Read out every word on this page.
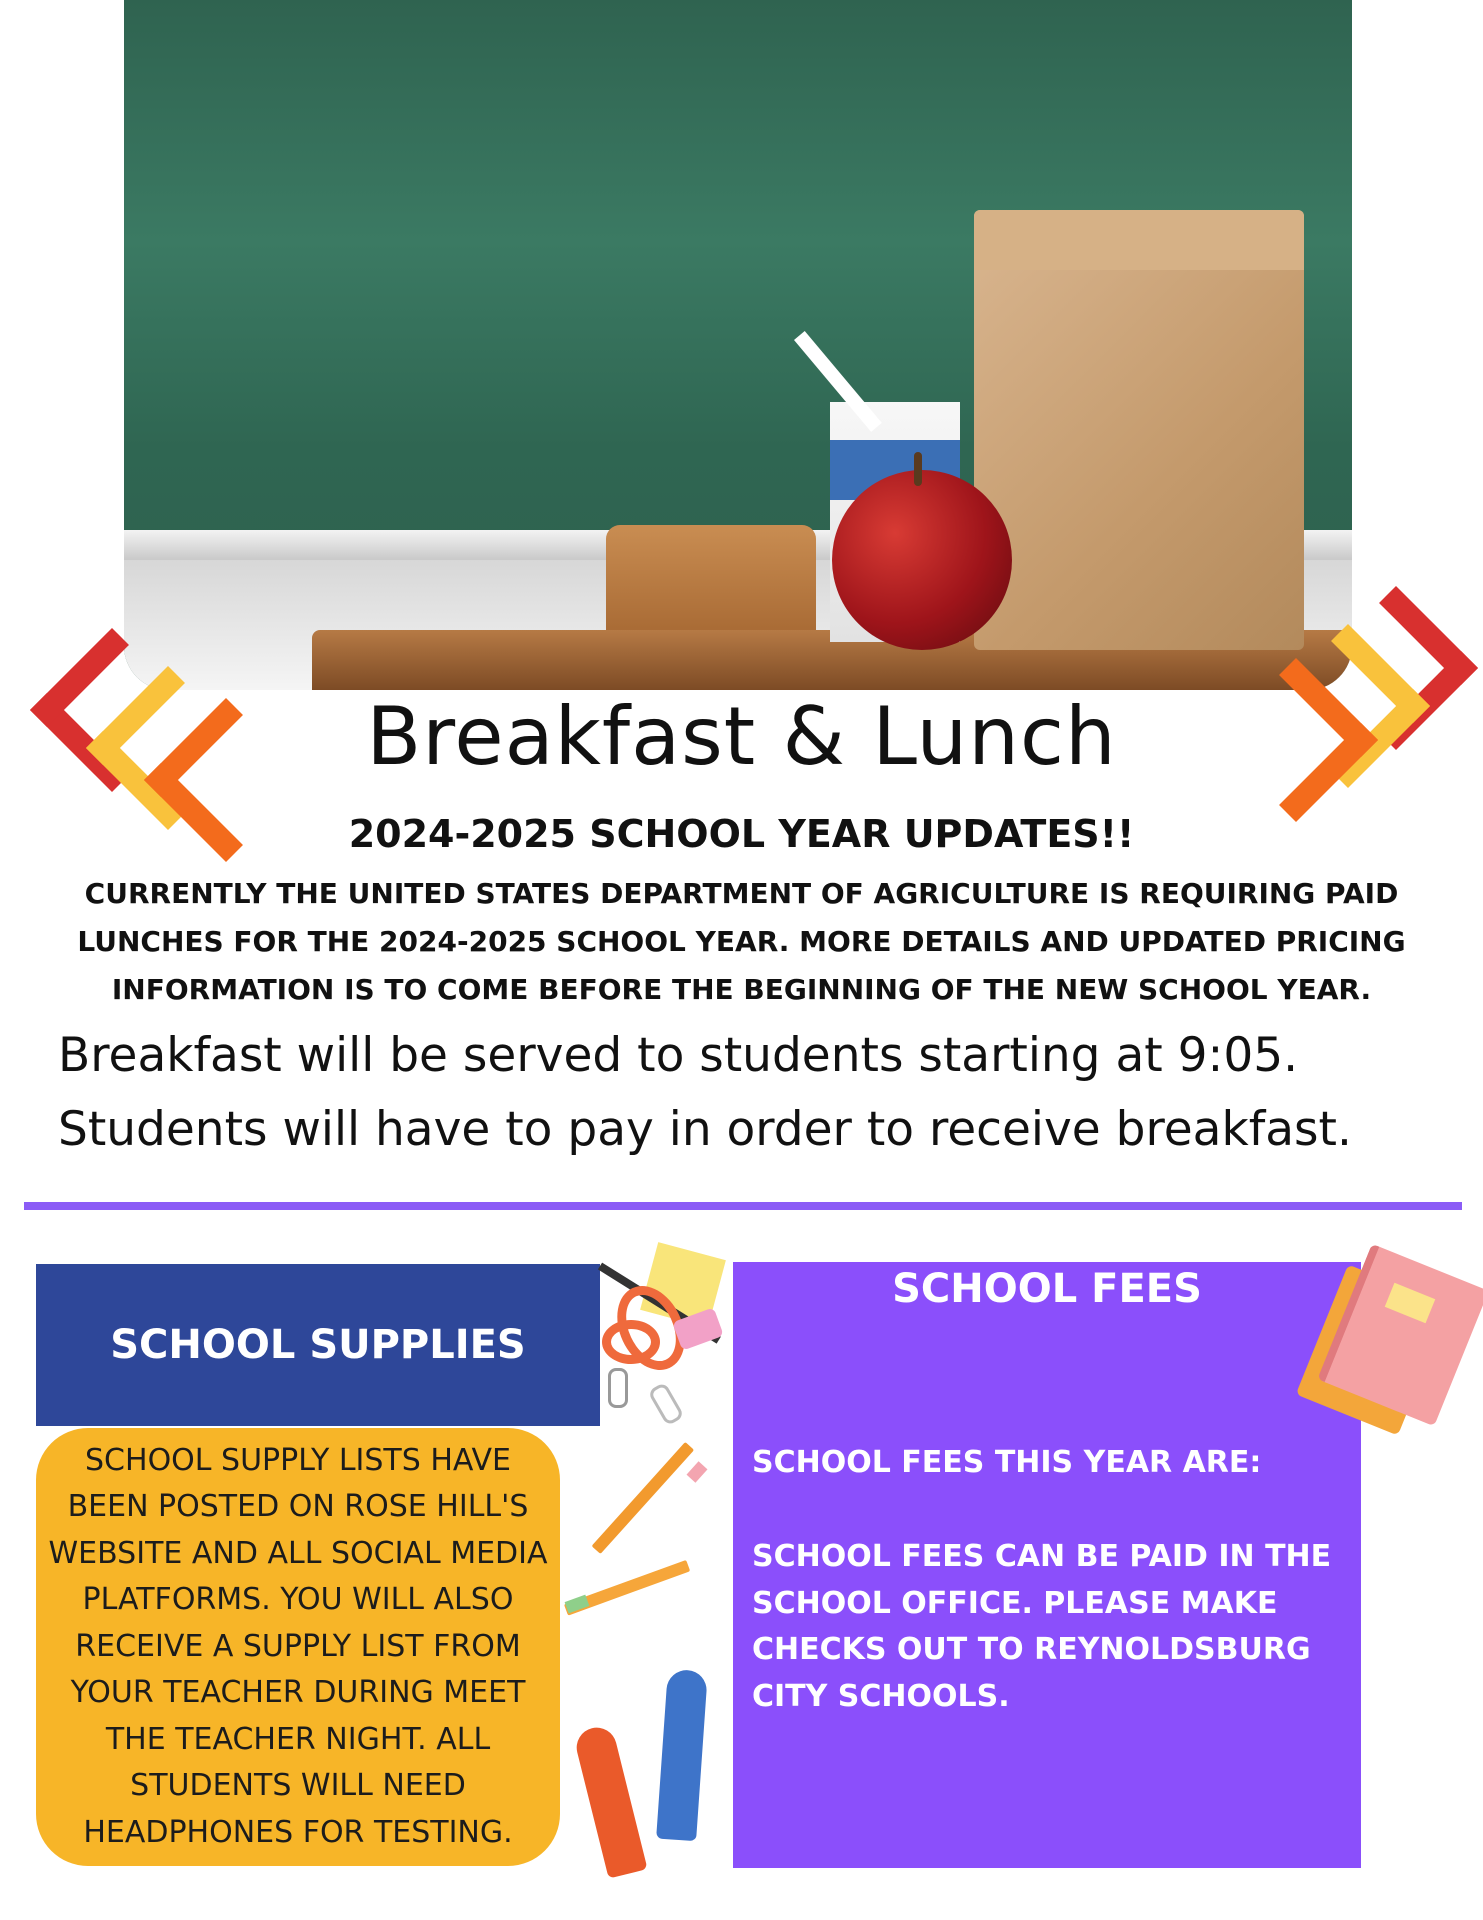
Breakfast & Lunch
2024-2025 SCHOOL YEAR UPDATES!!
CURRENTLY THE UNITED STATES DEPARTMENT OF AGRICULTURE IS REQUIRING PAID
LUNCHES FOR THE 2024-2025 SCHOOL YEAR. MORE DETAILS AND UPDATED PRICING
INFORMATION IS TO COME BEFORE THE BEGINNING OF THE NEW SCHOOL YEAR.
Breakfast will be served to students starting at 9:05.
Students will have to pay in order to receive breakfast.
SCHOOL SUPPLIES
SCHOOL SUPPLY LISTS HAVE BEEN POSTED ON ROSE HILL'S WEBSITE AND ALL SOCIAL MEDIA PLATFORMS. YOU WILL ALSO RECEIVE A SUPPLY LIST FROM YOUR TEACHER DURING MEET THE TEACHER NIGHT. ALL STUDENTS WILL NEED HEADPHONES FOR TESTING.
SCHOOL FEES
SCHOOL FEES THIS YEAR ARE:
SCHOOL FEES CAN BE PAID IN THE SCHOOL OFFICE. PLEASE MAKE CHECKS OUT TO REYNOLDSBURG CITY SCHOOLS.
